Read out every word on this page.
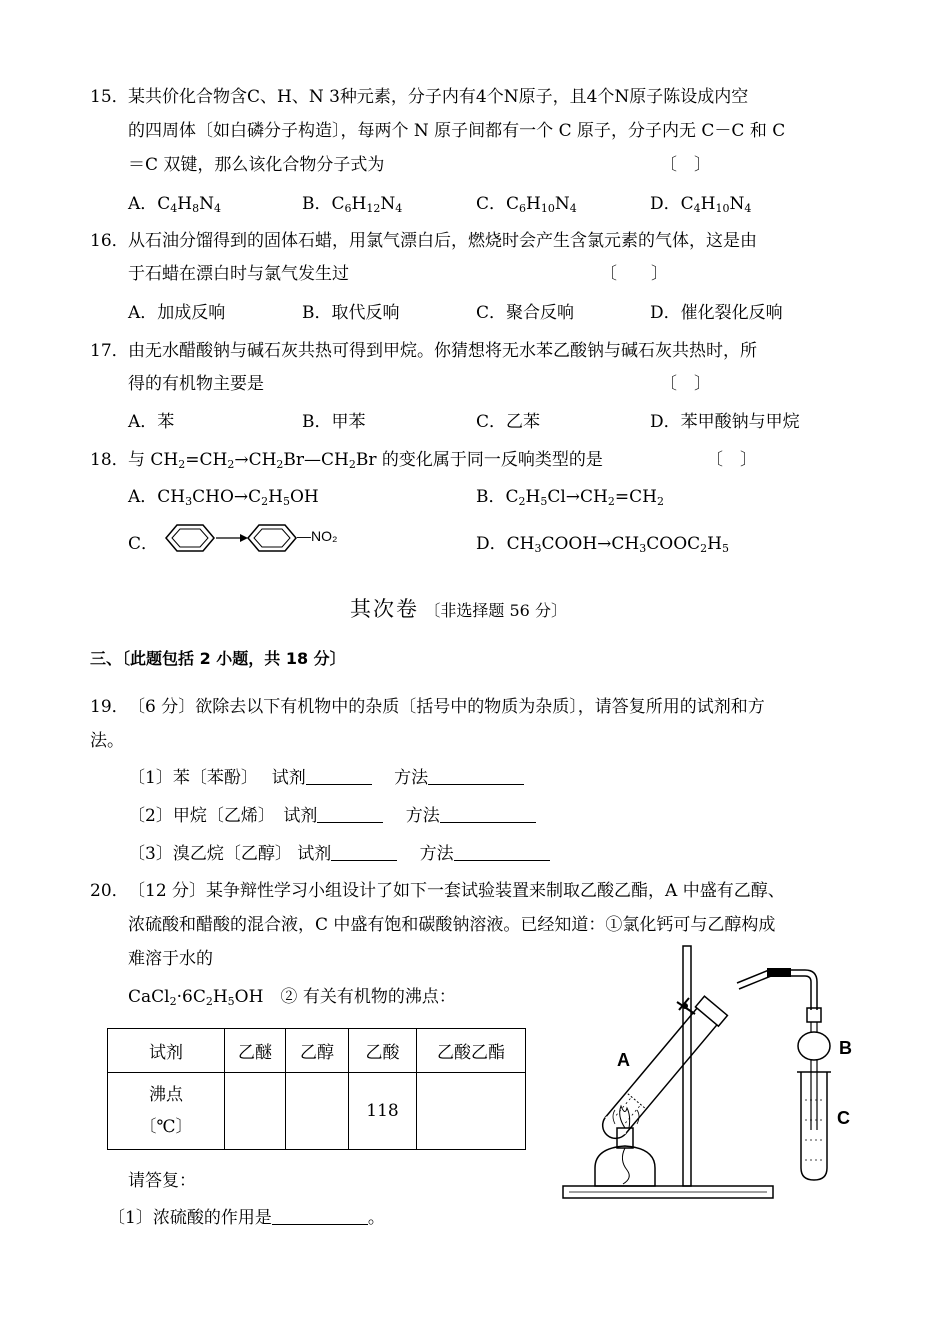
15． 某共价化合物含C、H、N 3种元素，分子内有4个N原子，且4个N原子陈设成内空
的四周体〔如白磷分子构造〕，每两个 N 原子间都有一个 C 原子，分子内无 C－C 和 C
＝C 双键，那么该化合物分子式为	〔　〕
A．$C_4H_8N_4$	B．$C_6H_{12}N_4$	C．$C_6H_{10}N_4$	D．$C_4H_{10}N_4$
16． 从石油分馏得到的固体石蜡，用氯气漂白后，燃烧时会产生含氯元素的气体，这是由
于石蜡在漂白时与氯气发生过	〔　　〕
A．加成反响	B．取代反响	C．聚合反响	D．催化裂化反响
17． 由无水醋酸钠与碱石灰共热可得到甲烷。你猜想将无水苯乙酸钠与碱石灰共热时，所
得的有机物主要是	〔　〕
A．苯	B．甲苯	C．乙苯	D．苯甲酸钠与甲烷
18． 与 $CH_2=CH_2\to CH_2Br—CH_2Br$ 的变化属于同一反响类型的是	〔　〕
A．$CH_3CHO\to C_2H_5OH$	B．$C_2H_5Cl\to CH_2=CH_2$
C．	—NO₂	D．$CH_3COOH\to CH_3COOC_2H_5$
其次卷 〔非选择题 56 分〕
三、〔此题包括 2 小题，共 18 分〕
19． 〔6 分〕欲除去以下有机物中的杂质〔括号中的物质为杂质〕，请答复所用的试剂和方
法。
〔1〕苯〔苯酚〕　 试剂　	方法
〔2〕甲烷〔乙烯〕　 试剂　	方法
〔3〕溴乙烷〔乙醇〕 试剂　	方法
20． 〔12 分〕某争辩性学习小组设计了如下一套试验装置来制取乙酸乙酯，A 中盛有乙醇、
浓硫酸和醋酸的混合液，C 中盛有饱和碳酸钠溶液。已经知道：①氯化钙可与乙醇构成
难溶于水的
$CaCl_2\cdot 6C_2H_5OH$　② 有关有机物的沸点：
试剂	乙醚	乙醇	乙酸	乙酸乙酯

沸点
〔℃〕			118	
请答复：
〔1〕浓硫酸的作用是	。
A
B
C
